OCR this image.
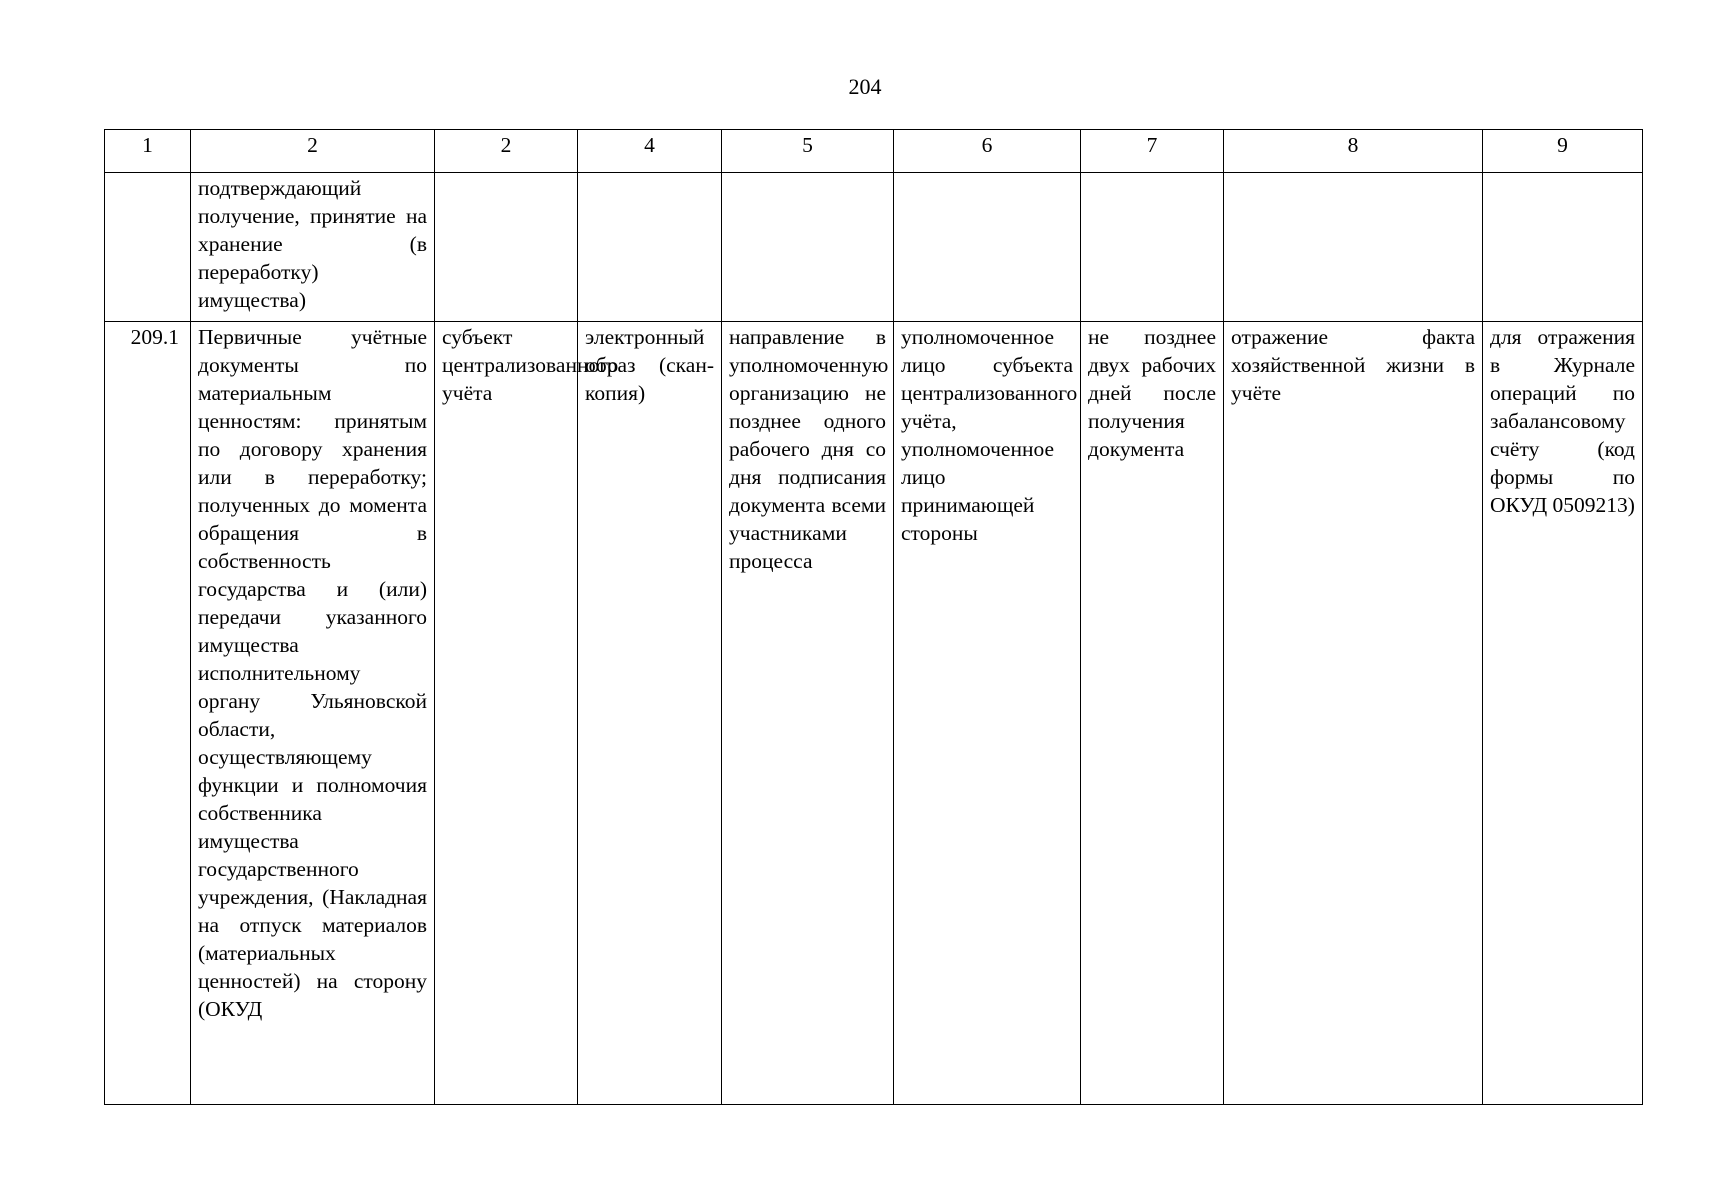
204
1	2	2	4	5	6	7	8	9
	подтверждающий получение, принятие на хранение (в переработку) имущества)							
209.1	Первичные учётные документы по материальным ценностям: принятым по договору хранения или в переработку; полученных до момента обращения в собственность государства и (или) передачи указанного имущества исполнительному органу Ульяновской области, осуществляющему функции и полномочия собственника имущества государственного учреждения, (Накладная на отпуск материалов (материальных ценностей) на сторону (ОКУД	субъект централизованного учёта	электронный образ (скан-копия)	направление в уполномоченную организацию не позднее одного рабочего дня со дня подписания документа всеми участниками процесса	уполномоченное лицо субъекта централизованного учёта, уполномоченное лицо принимающей стороны	не позднее двух рабочих дней после получения документа	отражение факта хозяйственной жизни в учёте	для отражения в Журнале операций по забалансовому счёту (код формы по ОКУД 0509213)
